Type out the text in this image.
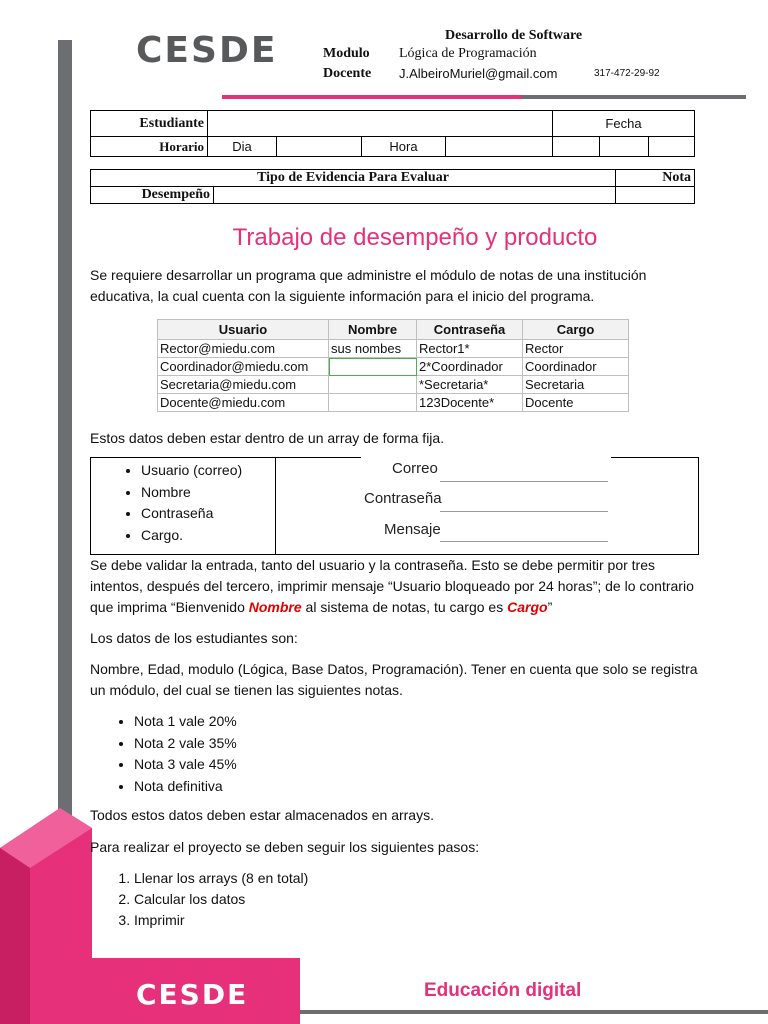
CESDE	Desarrollo de Software
Modulo Lógica de Programación
Docente J.AlbeiroMuriel@gmail.com	317-472-29-92
Estudiante					Fecha		
Horario	Dia		Hora				
Tipo de Evidencia Para Evaluar		Nota
Desempeño		
Trabajo de desempeño y producto
Se requiere desarrollar un programa que administre el módulo de notas de una institución educativa, la cual cuenta con la siguiente información para el inicio del programa.
Usuario	Nombre	Contraseña	Cargo
Rector@miedu.com	sus nombes	Rector1*	Rector
Coordinador@miedu.com		2*Coordinador	Coordinador
Secretaria@miedu.com		*Secretaria*	Secretaria
Docente@miedu.com		123Docente*	Docente
Estos datos deben estar dentro de un array de forma fija.
• Usuario (correo)
• Nombre
• Contraseña
• Cargo.
Correo
Contraseña
Mensaje
Se debe validar la entrada, tanto del usuario y la contraseña. Esto se debe permitir por tres intentos, después del tercero, imprimir mensaje “Usuario bloqueado por 24 horas”; de lo contrario que imprima “Bienvenido Nombre al sistema de notas, tu cargo es Cargo”
Los datos de los estudiantes son:
Nombre, Edad, modulo (Lógica, Base Datos, Programación). Tener en cuenta que solo se registra un módulo, del cual se tienen las siguientes notas.
• Nota 1 vale 20%
• Nota 2 vale 35%
• Nota 3 vale 45%
• Nota definitiva
Todos estos datos deben estar almacenados en arrays.
Para realizar el proyecto se deben seguir los siguientes pasos:
1. Llenar los arrays (8 en total)
2. Calcular los datos
3. Imprimir
CESDE	Educación digital
